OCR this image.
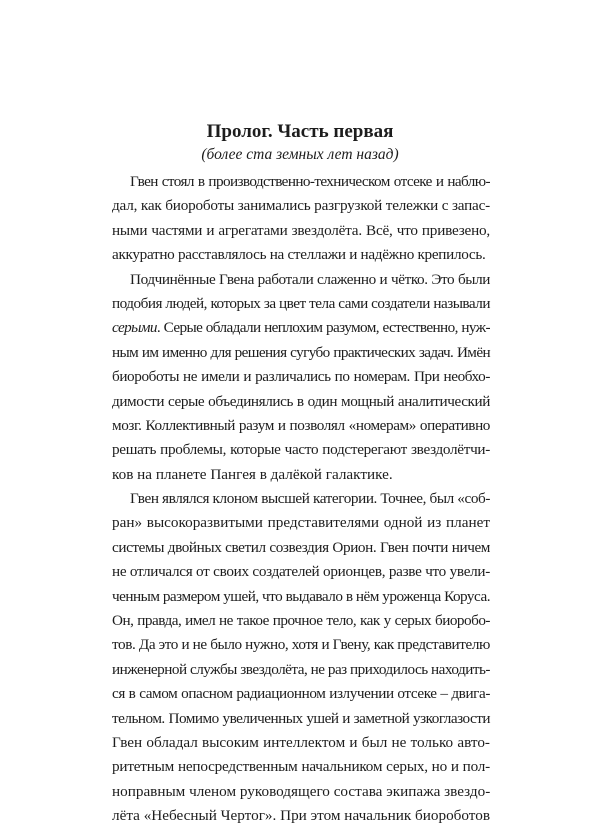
Пролог. Часть первая

(более ста земных лет назад)

Гвен стоял в производственно-техническом отсеке и наблю-
дал, как биороботы занимались разгрузкой тележки с запас-
ными частями и агрегатами звездолёта. Всё, что привезено,
аккуратно расставлялось на стеллажи и надёжно крепилось.
Подчинённые Гвена работали слаженно и чётко. Это были
подобия людей, которых за цвет тела сами создатели называли
серыми. Серые обладали неплохим разумом, естественно, нуж-
ным им именно для решения сугубо практических задач. Имён
биороботы не имели и различались по номерам. При необхо-
димости серые объединялись в один мощный аналитический
мозг. Коллективный разум и позволял «номерам» оперативно
решать проблемы, которые часто подстерегают звездолётчи-
ков на планете Пангея в далёкой галактике.
Гвен являлся клоном высшей категории. Точнее, был «соб-
ран» высокоразвитыми представителями одной из планет
системы двойных светил созвездия Орион. Гвен почти ничем
не отличался от своих создателей орионцев, разве что увели-
ченным размером ушей, что выдавало в нём уроженца Коруса.
Он, правда, имел не такое прочное тело, как у серых биоробо-
тов. Да это и не было нужно, хотя и Гвену, как представителю
инженерной службы звездолёта, не раз приходилось находить-
ся в самом опасном радиационном излучении отсеке – двига-
тельном. Помимо увеличенных ушей и заметной узкоглазости
Гвен обладал высоким интеллектом и был не только авто-
ритетным непосредственным начальником серых, но и пол-
ноправным членом руководящего состава экипажа звездо-
лёта «Небесный Чертог». При этом начальник биороботов
